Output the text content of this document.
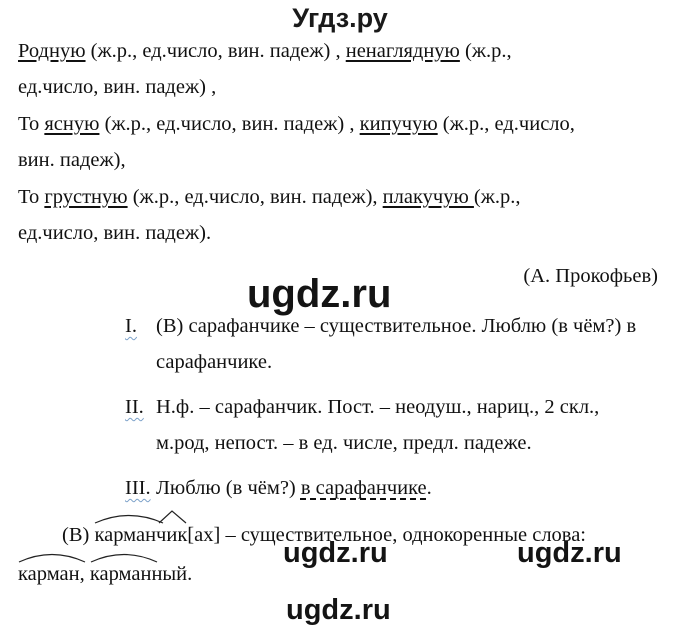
Угдз.ру
Родную (ж.р., ед.число, вин. падеж) , ненаглядную (ж.р.,
ед.число, вин. падеж) ,
То ясную (ж.р., ед.число, вин. падеж) , кипучую (ж.р., ед.число,
вин. падеж),
То грустную (ж.р., ед.число, вин. падеж), плакучую (ж.р.,
ед.число, вин. падеж).
(А. Прокофьев)
ugdz.ru
I. (В) сарафанчике – существительное. Люблю (в чём?) в
сарафанчике.
II. Н.ф. – сарафанчик. Пост. – неодуш., нариц., 2 скл.,
м.род, непост. – в ед. числе, предл. падеже.
III. Люблю (в чём?) в сарафанчике.
(В) карманчик
[ах] – существительное, однокоренные слова:
карман
, карман
ный.
ugdz.ru	ugdz.ru
ugdz.ru
